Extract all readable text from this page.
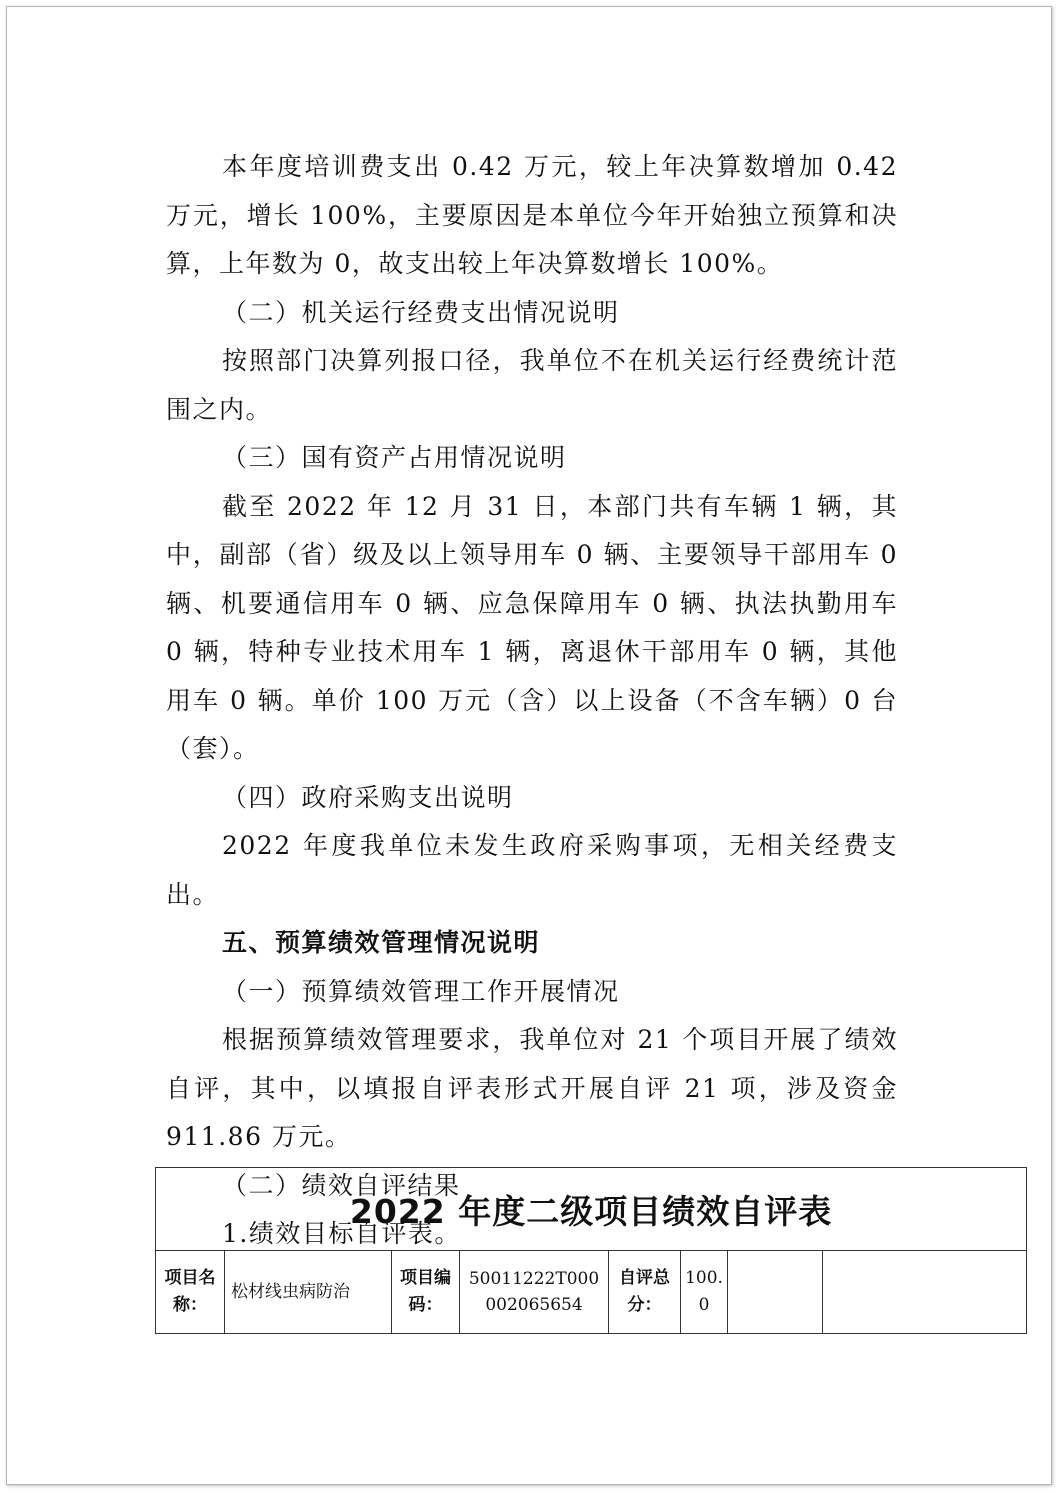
本年度培训费支出 0.42 万元，较上年决算数增加 0.42 万元，增长 100%，主要原因是本单位今年开始独立预算和决算，上年数为 0，故支出较上年决算数增长 100%。

（二）机关运行经费支出情况说明

按照部门决算列报口径，我单位不在机关运行经费统计范围之内。

（三）国有资产占用情况说明

截至 2022 年 12 月 31 日，本部门共有车辆 1 辆，其中，副部（省）级及以上领导用车 0 辆、主要领导干部用车 0 辆、机要通信用车 0 辆、应急保障用车 0 辆、执法执勤用车 0 辆，特种专业技术用车 1 辆，离退休干部用车 0 辆，其他用车 0 辆。单价 100 万元（含）以上设备（不含车辆）0 台（套）。

（四）政府采购支出说明

2022 年度我单位未发生政府采购事项，无相关经费支出。

五、预算绩效管理情况说明

（一）预算绩效管理工作开展情况

根据预算绩效管理要求，我单位对 21 个项目开展了绩效自评，其中，以填报自评表形式开展自评 21 项，涉及资金 911.86 万元。

（二）绩效自评结果

1.绩效目标自评表。

2022 年度二级项目绩效自评表
项目名称：	松材线虫病防治	项目编码：	50011222T000002065654	自评总分：	100.0		
